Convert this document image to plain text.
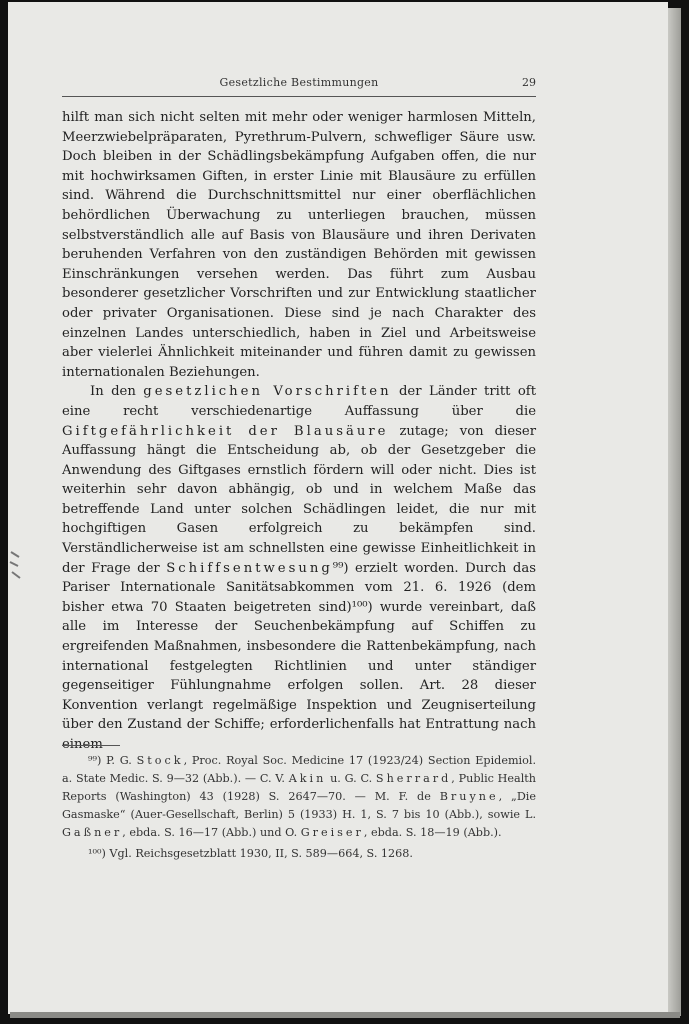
Gesetzliche Bestimmungen	29

hilft man sich nicht selten mit mehr oder weniger harmlosen Mitteln, Meerzwiebelpräparaten, Pyrethrum-Pulvern, schwefliger Säure usw. Doch bleiben in der Schädlingsbekämpfung Aufgaben offen, die nur mit hochwirksamen Giften, in erster Linie mit Blausäure zu erfüllen sind. Während die Durchschnittsmittel nur einer oberflächlichen behördlichen Überwachung zu unterliegen brauchen, müssen selbstverständlich alle auf Basis von Blausäure und ihren Derivaten beruhenden Verfahren von den zuständigen Behörden mit gewissen Einschränkungen versehen werden. Das führt zum Ausbau besonderer gesetzlicher Vorschriften und zur Entwicklung staatlicher oder privater Organisationen. Diese sind je nach Charakter des einzelnen Landes unterschiedlich, haben in Ziel und Arbeitsweise aber vielerlei Ähnlichkeit miteinander und führen damit zu gewissen internationalen Beziehungen.

In den gesetzlichen Vorschriften der Länder tritt oft eine recht verschiedenartige Auffassung über die Giftgefährlichkeit der Blausäure zutage; von dieser Auffassung hängt die Entscheidung ab, ob der Gesetzgeber die Anwendung des Giftgases ernstlich fördern will oder nicht. Dies ist weiterhin sehr davon abhängig, ob und in welchem Maße das betreffende Land unter solchen Schädlingen leidet, die nur mit hochgiftigen Gasen erfolgreich zu bekämpfen sind. Verständlicherweise ist am schnellsten eine gewisse Einheitlichkeit in der Frage der Schiffsentwesung⁹⁹) erzielt worden. Durch das Pariser Internationale Sanitätsabkommen vom 21. 6. 1926 (dem bisher etwa 70 Staaten beigetreten sind)¹⁰⁰) wurde vereinbart, daß alle im Interesse der Seuchenbekämpfung auf Schiffen zu ergreifenden Maßnahmen, insbesondere die Rattenbekämpfung, nach international festgelegten Richtlinien und unter ständiger gegenseitiger Fühlungnahme erfolgen sollen. Art. 28 dieser Konvention verlangt regelmäßige Inspektion und Zeugniserteilung über den Zustand der Schiffe; erforderlichenfalls hat Entrattung nach einem

⁹⁹) P. G. Stock, Proc. Royal Soc. Medicine 17 (1923/24) Section Epidemiol. a. State Medic. S. 9—32 (Abb.). — C. V. Akin u. G. C. Sherrard, Public Health Reports (Washington) 43 (1928) S. 2647—70. — M. F. de Bruyne, „Die Gasmaske“ (Auer-Gesellschaft, Berlin) 5 (1933) H. 1, S. 7 bis 10 (Abb.), sowie L. Gaßner, ebda. S. 16—17 (Abb.) und O. Greiser, ebda. S. 18—19 (Abb.).

¹⁰⁰) Vgl. Reichsgesetzblatt 1930, II, S. 589—664, S. 1268.
